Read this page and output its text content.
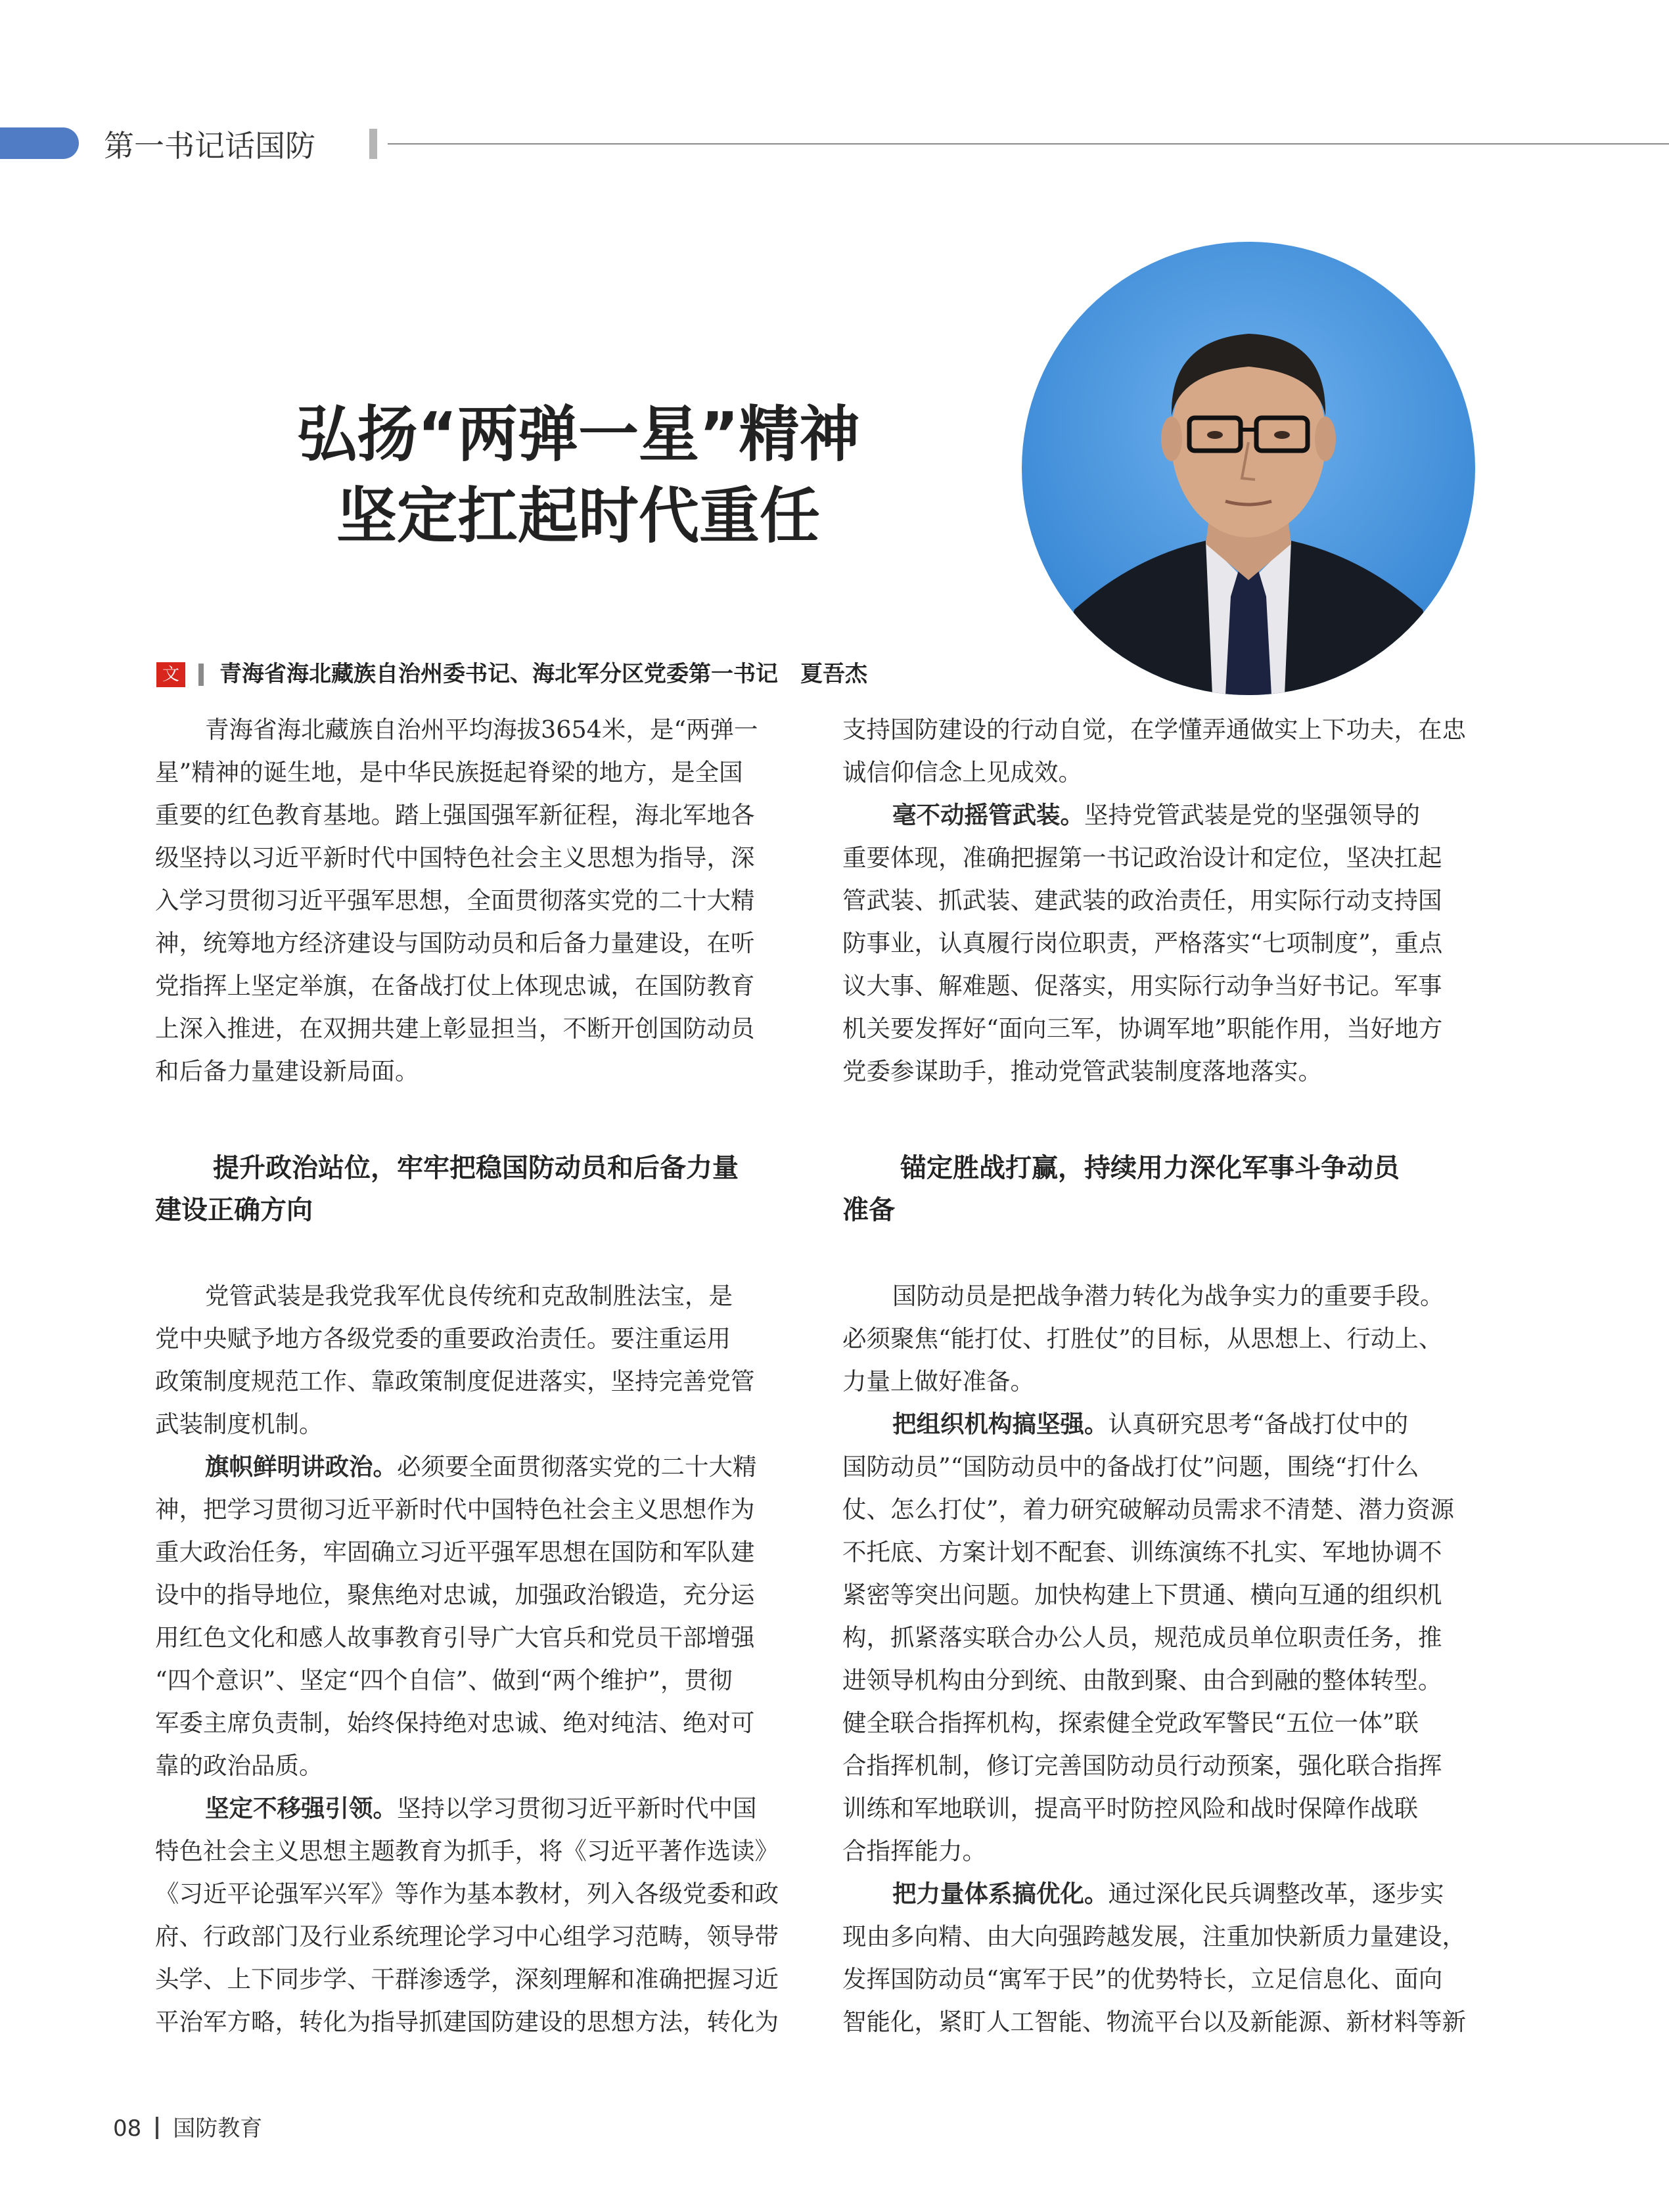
第一书记话国防
弘扬“两弹一星”精神
坚定扛起时代重任
文 青海省海北藏族自治州委书记、海北军分区党委第一书记　夏吾杰
青海省海北藏族自治州平均海拔3654米，是“两弹一
星”精神的诞生地，是中华民族挺起脊梁的地方，是全国
重要的红色教育基地。踏上强国强军新征程，海北军地各
级坚持以习近平新时代中国特色社会主义思想为指导，深
入学习贯彻习近平强军思想，全面贯彻落实党的二十大精
神，统筹地方经济建设与国防动员和后备力量建设，在听
党指挥上坚定举旗，在备战打仗上体现忠诚，在国防教育
上深入推进，在双拥共建上彰显担当，不断开创国防动员
和后备力量建设新局面。
提升政治站位，牢牢把稳国防动员和后备力量
建设正确方向
党管武装是我党我军优良传统和克敌制胜法宝，是
党中央赋予地方各级党委的重要政治责任。要注重运用
政策制度规范工作、靠政策制度促进落实，坚持完善党管
武装制度机制。
旗帜鲜明讲政治。必须要全面贯彻落实党的二十大精
神，把学习贯彻习近平新时代中国特色社会主义思想作为
重大政治任务，牢固确立习近平强军思想在国防和军队建
设中的指导地位，聚焦绝对忠诚，加强政治锻造，充分运
用红色文化和感人故事教育引导广大官兵和党员干部增强
“四个意识”、坚定“四个自信”、做到“两个维护”，贯彻
军委主席负责制，始终保持绝对忠诚、绝对纯洁、绝对可
靠的政治品质。
坚定不移强引领。坚持以学习贯彻习近平新时代中国
特色社会主义思想主题教育为抓手，将《习近平著作选读》
《习近平论强军兴军》等作为基本教材，列入各级党委和政
府、行政部门及行业系统理论学习中心组学习范畴，领导带
头学、上下同步学、干群渗透学，深刻理解和准确把握习近
平治军方略，转化为指导抓建国防建设的思想方法，转化为
支持国防建设的行动自觉，在学懂弄通做实上下功夫，在忠
诚信仰信念上见成效。
毫不动摇管武装。坚持党管武装是党的坚强领导的
重要体现，准确把握第一书记政治设计和定位，坚决扛起
管武装、抓武装、建武装的政治责任，用实际行动支持国
防事业，认真履行岗位职责，严格落实“七项制度”，重点
议大事、解难题、促落实，用实际行动争当好书记。军事
机关要发挥好“面向三军，协调军地”职能作用，当好地方
党委参谋助手，推动党管武装制度落地落实。
锚定胜战打赢，持续用力深化军事斗争动员
准备
国防动员是把战争潜力转化为战争实力的重要手段。
必须聚焦“能打仗、打胜仗”的目标，从思想上、行动上、
力量上做好准备。
把组织机构搞坚强。认真研究思考“备战打仗中的
国防动员”“国防动员中的备战打仗”问题，围绕“打什么
仗、怎么打仗”，着力研究破解动员需求不清楚、潜力资源
不托底、方案计划不配套、训练演练不扎实、军地协调不
紧密等突出问题。加快构建上下贯通、横向互通的组织机
构，抓紧落实联合办公人员，规范成员单位职责任务，推
进领导机构由分到统、由散到聚、由合到融的整体转型。
健全联合指挥机构，探索健全党政军警民“五位一体”联
合指挥机制，修订完善国防动员行动预案，强化联合指挥
训练和军地联训，提高平时防控风险和战时保障作战联
合指挥能力。
把力量体系搞优化。通过深化民兵调整改革，逐步实
现由多向精、由大向强跨越发展，注重加快新质力量建设，
发挥国防动员“寓军于民”的优势特长，立足信息化、面向
智能化，紧盯人工智能、物流平台以及新能源、新材料等新
08 国防教育
